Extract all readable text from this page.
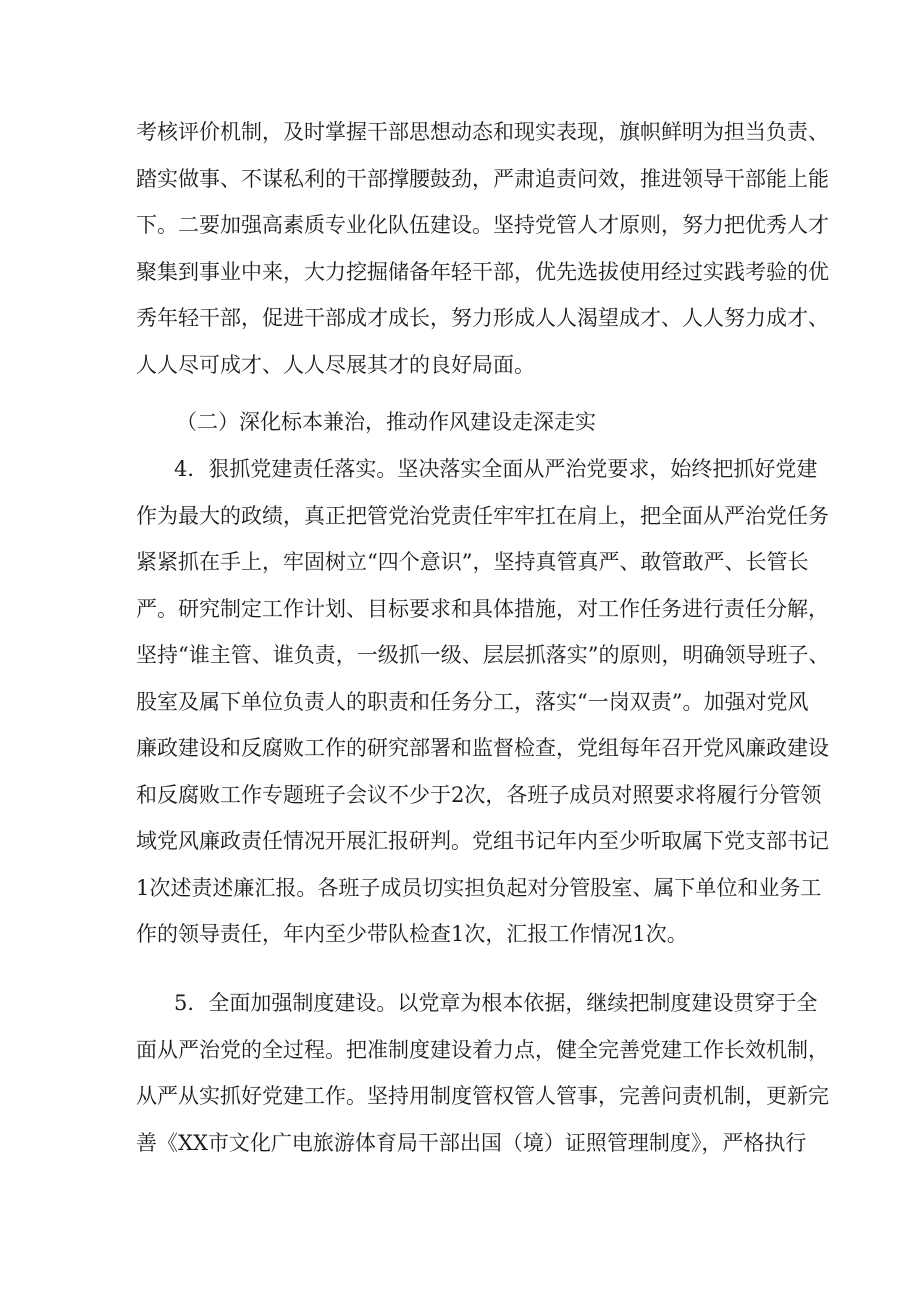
考核评价机制，及时掌握干部思想动态和现实表现，旗帜鲜明为担当负责、
踏实做事、不谋私利的干部撑腰鼓劲，严肃追责问效，推进领导干部能上能
下。二要加强高素质专业化队伍建设。坚持党管人才原则，努力把优秀人才
聚集到事业中来，大力挖掘储备年轻干部，优先选拔使用经过实践考验的优
秀年轻干部，促进干部成才成长，努力形成人人渴望成才、人人努力成才、
人人尽可成才、人人尽展其才的良好局面。
（二）深化标本兼治，推动作风建设走深走实
4．狠抓党建责任落实。坚决落实全面从严治党要求，始终把抓好党建
作为最大的政绩，真正把管党治党责任牢牢扛在肩上，把全面从严治党任务
紧紧抓在手上，牢固树立“四个意识”，坚持真管真严、敢管敢严、长管长
严。研究制定工作计划、目标要求和具体措施，对工作任务进行责任分解，
坚持“谁主管、谁负责，一级抓一级、层层抓落实”的原则，明确领导班子、
股室及属下单位负责人的职责和任务分工，落实“一岗双责”。加强对党风
廉政建设和反腐败工作的研究部署和监督检查，党组每年召开党风廉政建设
和反腐败工作专题班子会议不少于2次，各班子成员对照要求将履行分管领
域党风廉政责任情况开展汇报研判。党组书记年内至少听取属下党支部书记
1次述责述廉汇报。各班子成员切实担负起对分管股室、属下单位和业务工
作的领导责任，年内至少带队检查1次，汇报工作情况1次。
5．全面加强制度建设。以党章为根本依据，继续把制度建设贯穿于全
面从严治党的全过程。把准制度建设着力点，健全完善党建工作长效机制，
从严从实抓好党建工作。坚持用制度管权管人管事，完善问责机制，更新完
善《XX市文化广电旅游体育局干部出国（境）证照管理制度》，严格执行
